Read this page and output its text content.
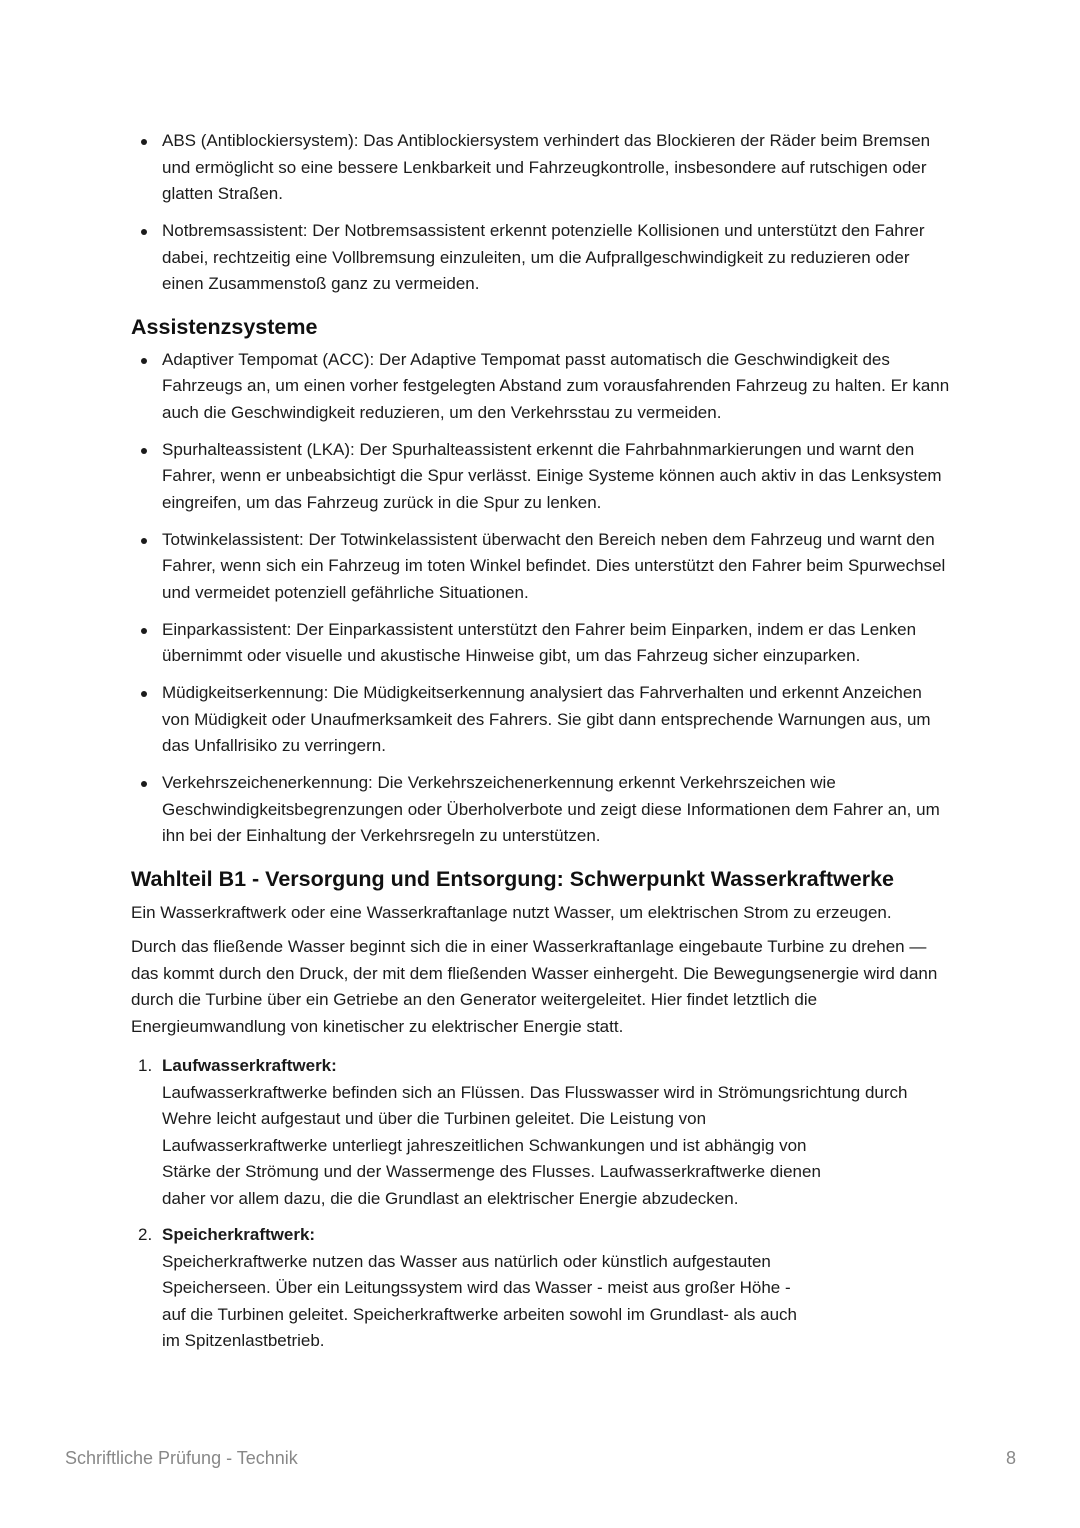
ABS (Antiblockiersystem): Das Antiblockiersystem verhindert das Blockieren der Räder beim Bremsen und ermöglicht so eine bessere Lenkbarkeit und Fahrzeugkontrolle, insbesondere auf rutschigen oder glatten Straßen.
Notbremsassistent: Der Notbremsassistent erkennt potenzielle Kollisionen und unterstützt den Fahrer dabei, rechtzeitig eine Vollbremsung einzuleiten, um die Aufprallgeschwindigkeit zu reduzieren oder einen Zusammenstoß ganz zu vermeiden.
Assistenzsysteme
Adaptiver Tempomat (ACC): Der Adaptive Tempomat passt automatisch die Geschwindigkeit des Fahrzeugs an, um einen vorher festgelegten Abstand zum vorausfahrenden Fahrzeug zu halten. Er kann auch die Geschwindigkeit reduzieren, um den Verkehrsstau zu vermeiden.
Spurhalteassistent (LKA): Der Spurhalteassistent erkennt die Fahrbahnmarkierungen und warnt den Fahrer, wenn er unbeabsichtigt die Spur verlässt. Einige Systeme können auch aktiv in das Lenksystem eingreifen, um das Fahrzeug zurück in die Spur zu lenken.
Totwinkelassistent: Der Totwinkelassistent überwacht den Bereich neben dem Fahrzeug und warnt den Fahrer, wenn sich ein Fahrzeug im toten Winkel befindet. Dies unterstützt den Fahrer beim Spurwechsel und vermeidet potenziell gefährliche Situationen.
Einparkassistent: Der Einparkassistent unterstützt den Fahrer beim Einparken, indem er das Lenken übernimmt oder visuelle und akustische Hinweise gibt, um das Fahrzeug sicher einzuparken.
Müdigkeitserkennung: Die Müdigkeitserkennung analysiert das Fahrverhalten und erkennt Anzeichen von Müdigkeit oder Unaufmerksamkeit des Fahrers. Sie gibt dann entsprechende Warnungen aus, um das Unfallrisiko zu verringern.
Verkehrszeichenerkennung: Die Verkehrszeichenerkennung erkennt Verkehrszeichen wie Geschwindigkeitsbegrenzungen oder Überholverbote und zeigt diese Informationen dem Fahrer an, um ihn bei der Einhaltung der Verkehrsregeln zu unterstützen.
Wahlteil B1 - Versorgung und Entsorgung: Schwerpunkt Wasserkraftwerke

Ein Wasserkraftwerk oder eine Wasserkraftanlage nutzt Wasser, um elektrischen Strom zu erzeugen.

Durch das fließende Wasser beginnt sich die in einer Wasserkraftanlage eingebaute Turbine zu drehen — das kommt durch den Druck, der mit dem fließenden Wasser einhergeht. Die Bewegungsenergie wird dann durch die Turbine über ein Getriebe an den Generator weitergeleitet. Hier findet letztlich die Energieumwandlung von kinetischer zu elektrischer Energie statt.

1. Laufwasserkraftwerk:
Laufwasserkraftwerke befinden sich an Flüssen. Das Flusswasser wird in Strömungsrichtung durch
Wehre leicht aufgestaut und über die Turbinen geleitet. Die Leistung von
Laufwasserkraftwerke unterliegt jahreszeitlichen Schwankungen und ist abhängig von
Stärke der Strömung und der Wassermenge des Flusses. Laufwasserkraftwerke dienen
daher vor allem dazu, die die Grundlast an elektrischer Energie abzudecken.
2. Speicherkraftwerk:
Speicherkraftwerke nutzen das Wasser aus natürlich oder künstlich aufgestauten
Speicherseen. Über ein Leitungssystem wird das Wasser - meist aus großer Höhe -
auf die Turbinen geleitet. Speicherkraftwerke arbeiten sowohl im Grundlast- als auch
im Spitzenlastbetrieb.
Schriftliche Prüfung - Technik	8
